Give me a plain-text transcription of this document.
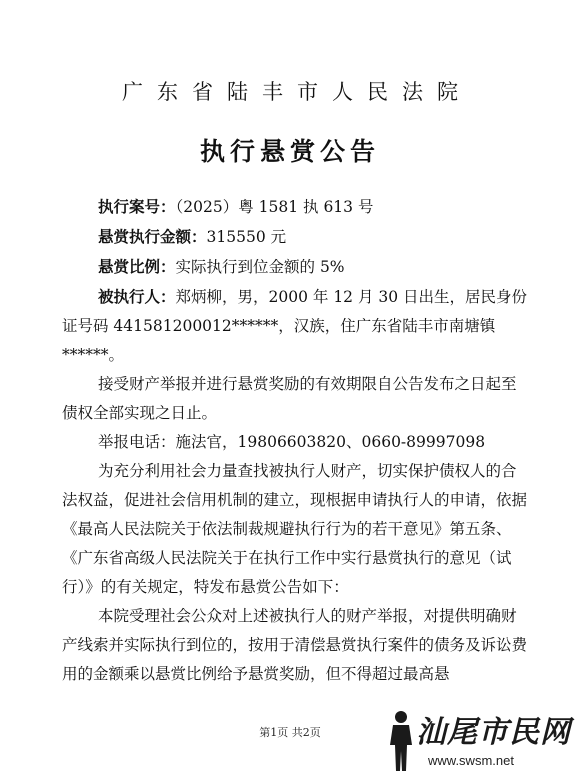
广东省陆丰市人民法院
执行悬赏公告

执行案号：（2025）粤 1581 执 613 号

悬赏执行金额：315550 元

悬赏比例：实际执行到位金额的 5%

被执行人：郑炳柳，男，2000 年 12 月 30 日出生，居民身份证号码 441581200012******，汉族，住广东省陆丰市南塘镇******。

接受财产举报并进行悬赏奖励的有效期限自公告发布之日起至债权全部实现之日止。

举报电话：施法官，19806603820、0660-89997098

为充分利用社会力量查找被执行人财产，切实保护债权人的合法权益，促进社会信用机制的建立，现根据申请执行人的申请，依据《最高人民法院关于依法制裁规避执行行为的若干意见》第五条、《广东省高级人民法院关于在执行工作中实行悬赏执行的意见（试行）》的有关规定，特发布悬赏公告如下：

本院受理社会公众对上述被执行人的财产举报，对提供明确财产线索并实际执行到位的，按用于清偿悬赏执行案件的债务及诉讼费用的金额乘以悬赏比例给予悬赏奖励，但不得超过最高悬

第1页 共2页	汕尾市民网
www.swsm.net
